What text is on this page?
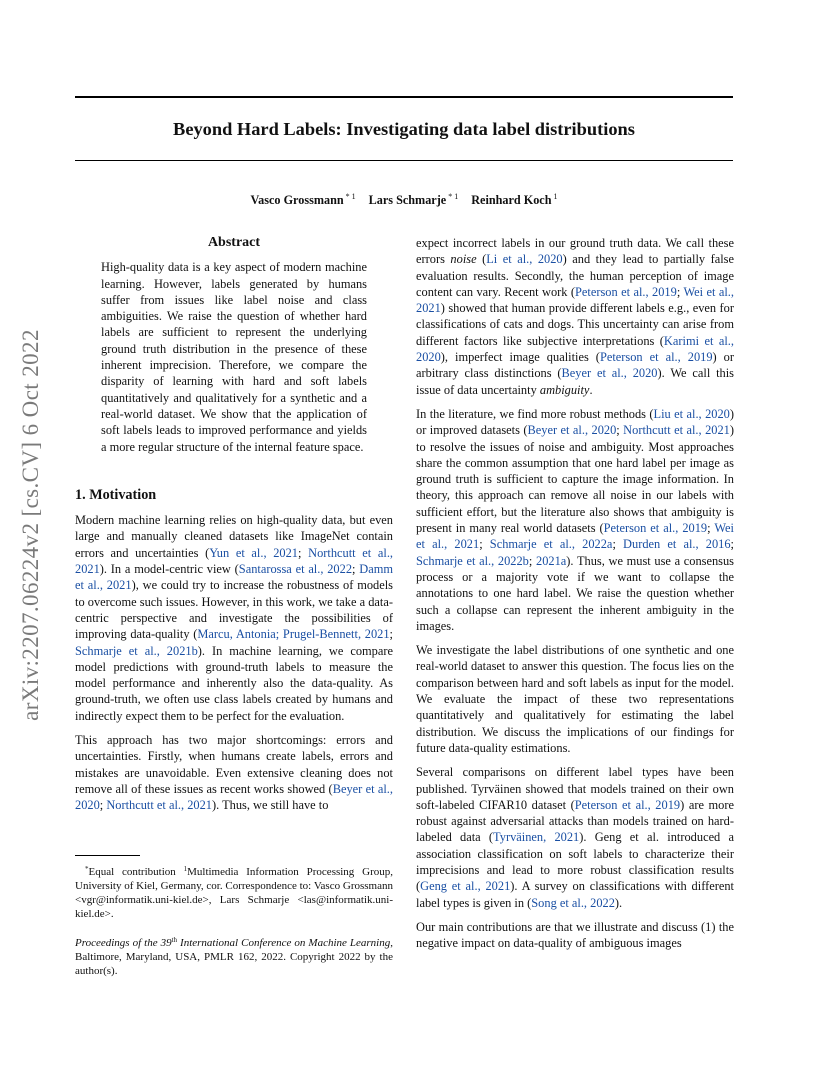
Beyond Hard Labels: Investigating data label distributions
Vasco Grossmann $^{* 1}$ Lars Schmarje $^{* 1}$ Reinhard Koch $^1$
arXiv:2207.06224v2 [cs.CV] 6 Oct 2022

Abstract

High-quality data is a key aspect of modern machine learning. However, labels generated by humans suffer from issues like label noise and class ambiguities. We raise the question of whether hard labels are sufficient to represent the underlying ground truth distribution in the presence of these inherent imprecision. Therefore, we compare the disparity of learning with hard and soft labels quantitatively and qualitatively for a synthetic and a real-world dataset. We show that the application of soft labels leads to improved performance and yields a more regular structure of the internal feature space.

1. Motivation

Modern machine learning relies on high-quality data, but even large and manually cleaned datasets like ImageNet contain errors and uncertainties (Yun et al., 2021; Northcutt et al., 2021). In a model-centric view (Santarossa et al., 2022; Damm et al., 2021), we could try to increase the robustness of models to overcome such issues. However, in this work, we take a data-centric perspective and investigate the possibilities of improving data-quality (Marcu, Antonia; Prugel-Bennett, 2021; Schmarje et al., 2021b). In machine learning, we compare model predictions with ground-truth labels to measure the model performance and inherently also the data-quality. As ground-truth, we often use class labels created by humans and indirectly expect them to be perfect for the evaluation.

This approach has two major shortcomings: errors and uncertainties. Firstly, when humans create labels, errors and mistakes are unavoidable. Even extensive cleaning does not remove all of these issues as recent works showed (Beyer et al., 2020; Northcutt et al., 2021). Thus, we still have to

expect incorrect labels in our ground truth data. We call these errors noise (Li et al., 2020) and they lead to partially false evaluation results. Secondly, the human perception of image content can vary. Recent work (Peterson et al., 2019; Wei et al., 2021) showed that human provide different labels e.g., even for classifications of cats and dogs. This uncertainty can arise from different factors like subjective interpretations (Karimi et al., 2020), imperfect image qualities (Peterson et al., 2019) or arbitrary class distinctions (Beyer et al., 2020). We call this issue of data uncertainty ambiguity.

In the literature, we find more robust methods (Liu et al., 2020) or improved datasets (Beyer et al., 2020; Northcutt et al., 2021) to resolve the issues of noise and ambiguity. Most approaches share the common assumption that one hard label per image as ground truth is sufficient to capture the image information. In theory, this approach can remove all noise in our labels with sufficient effort, but the literature also shows that ambiguity is present in many real world datasets (Peterson et al., 2019; Wei et al., 2021; Schmarje et al., 2022a; Durden et al., 2016; Schmarje et al., 2022b; 2021a). Thus, we must use a consensus process or a majority vote if we want to collapse the annotations to one hard label. We raise the question whether such a collapse can represent the inherent ambiguity in the images.

We investigate the label distributions of one synthetic and one real-world dataset to answer this question. The focus lies on the comparison between hard and soft labels as input for the model. We evaluate the impact of these two representations quantitatively and qualitatively for estimating the label distribution. We discuss the implications of our findings for future data-quality estimations.

Several comparisons on different label types have been published. Tyrväinen showed that models trained on their own soft-labeled CIFAR10 dataset (Peterson et al., 2019) are more robust against adversarial attacks than models trained on hard-labeled data (Tyrväinen, 2021). Geng et al. introduced a association classification on soft labels to characterize their imprecisions and lead to more robust classification results (Geng et al., 2021). A survey on classifications with different label types is given in (Song et al., 2022).

Our main contributions are that we illustrate and discuss (1) the negative impact on data-quality of ambiguous images

*Equal contribution $^1$Multimedia Information Processing Group, University of Kiel, Germany, cor. Correspondence to: Vasco Grossmann <vgr@informatik.uni-kiel.de>, Lars Schmarje <las@informatik.uni-kiel.de>.

Proceedings of the 39th International Conference on Machine Learning, Baltimore, Maryland, USA, PMLR 162, 2022. Copyright 2022 by the author(s).
